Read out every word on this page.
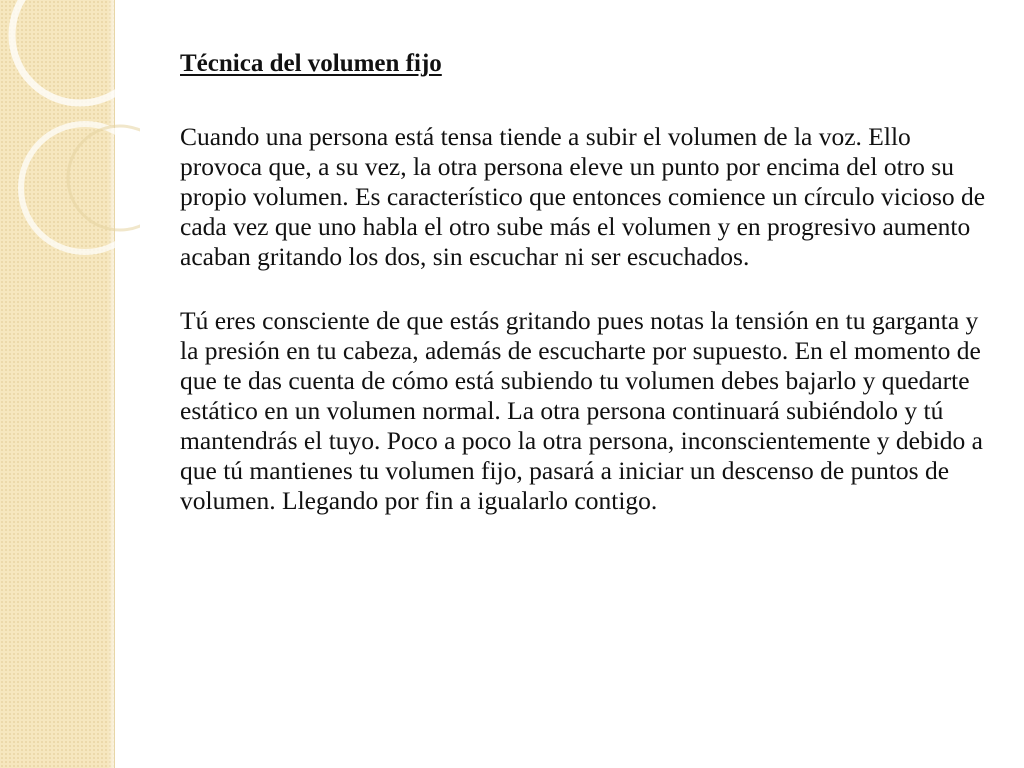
Técnica del volumen fijo

Cuando una persona está tensa tiende a subir el volumen de la voz. Ello provoca que, a su vez, la otra persona eleve un punto por encima del otro su propio volumen. Es característico que entonces comience un círculo vicioso de cada vez que uno habla el otro sube más el volumen y en progresivo aumento acaban gritando los dos, sin escuchar ni ser escuchados.

Tú eres consciente de que estás gritando pues notas la tensión en tu garganta y la presión en tu cabeza, además de escucharte por supuesto. En el momento de que te das cuenta de cómo está subiendo tu volumen debes bajarlo y quedarte estático en un volumen normal. La otra persona continuará subiéndolo y tú mantendrás el tuyo. Poco a poco la otra persona, inconscientemente y debido a que tú mantienes tu volumen fijo, pasará a iniciar un descenso de puntos de volumen. Llegando por fin a igualarlo contigo.
